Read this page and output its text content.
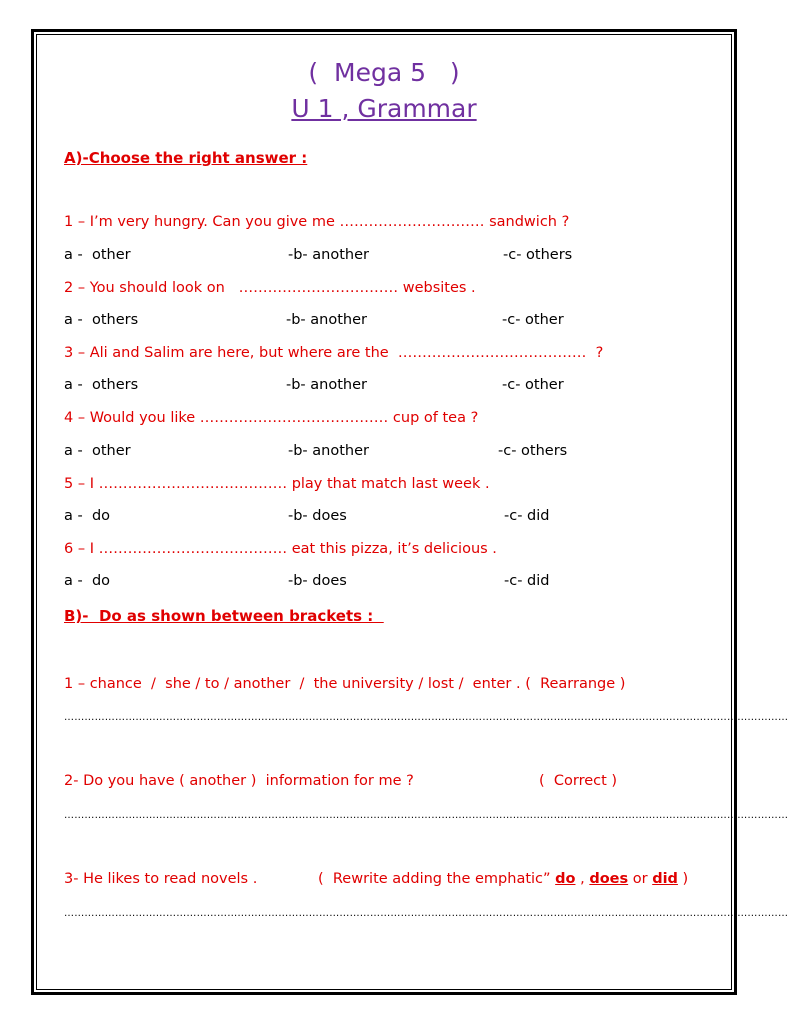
(  Mega 5   )
U 1 , Grammar
A)-Choose the right answer :
1 – I’m very hungry. Can you give me ………………………… sandwich ?
a -  other	-b- another	-c- others
2 – You should look on   …………………………… websites .
a -  others	-b- another	-c- other
3 – Ali and Salim are here, but where are the  …………………………………  ?
a -  others	-b- another	-c- other
4 – Would you like ………………………………… cup of tea ?
a -  other	-b- another	-c- others
5 – I ………………………………… play that match last week .
a -  do	-b- does	-c- did
6 – I ………………………………… eat this pizza, it’s delicious .
a -  do	-b- does	-c- did
B)-  Do as shown between brackets :
1 – chance  /  she / to / another  /  the university / lost /  enter . (  Rearrange )
……………………………………………………………………………………………………………………………………………………………………………………………
2- Do you have ( another )  information for me ?	(  Correct )
……………………………………………………………………………………………………………………………………………………………………………………………
3- He likes to read novels .	(  Rewrite adding the emphatic” do , does or did )
……………………………………………………………………………………………………………………………………………………………………………………………
